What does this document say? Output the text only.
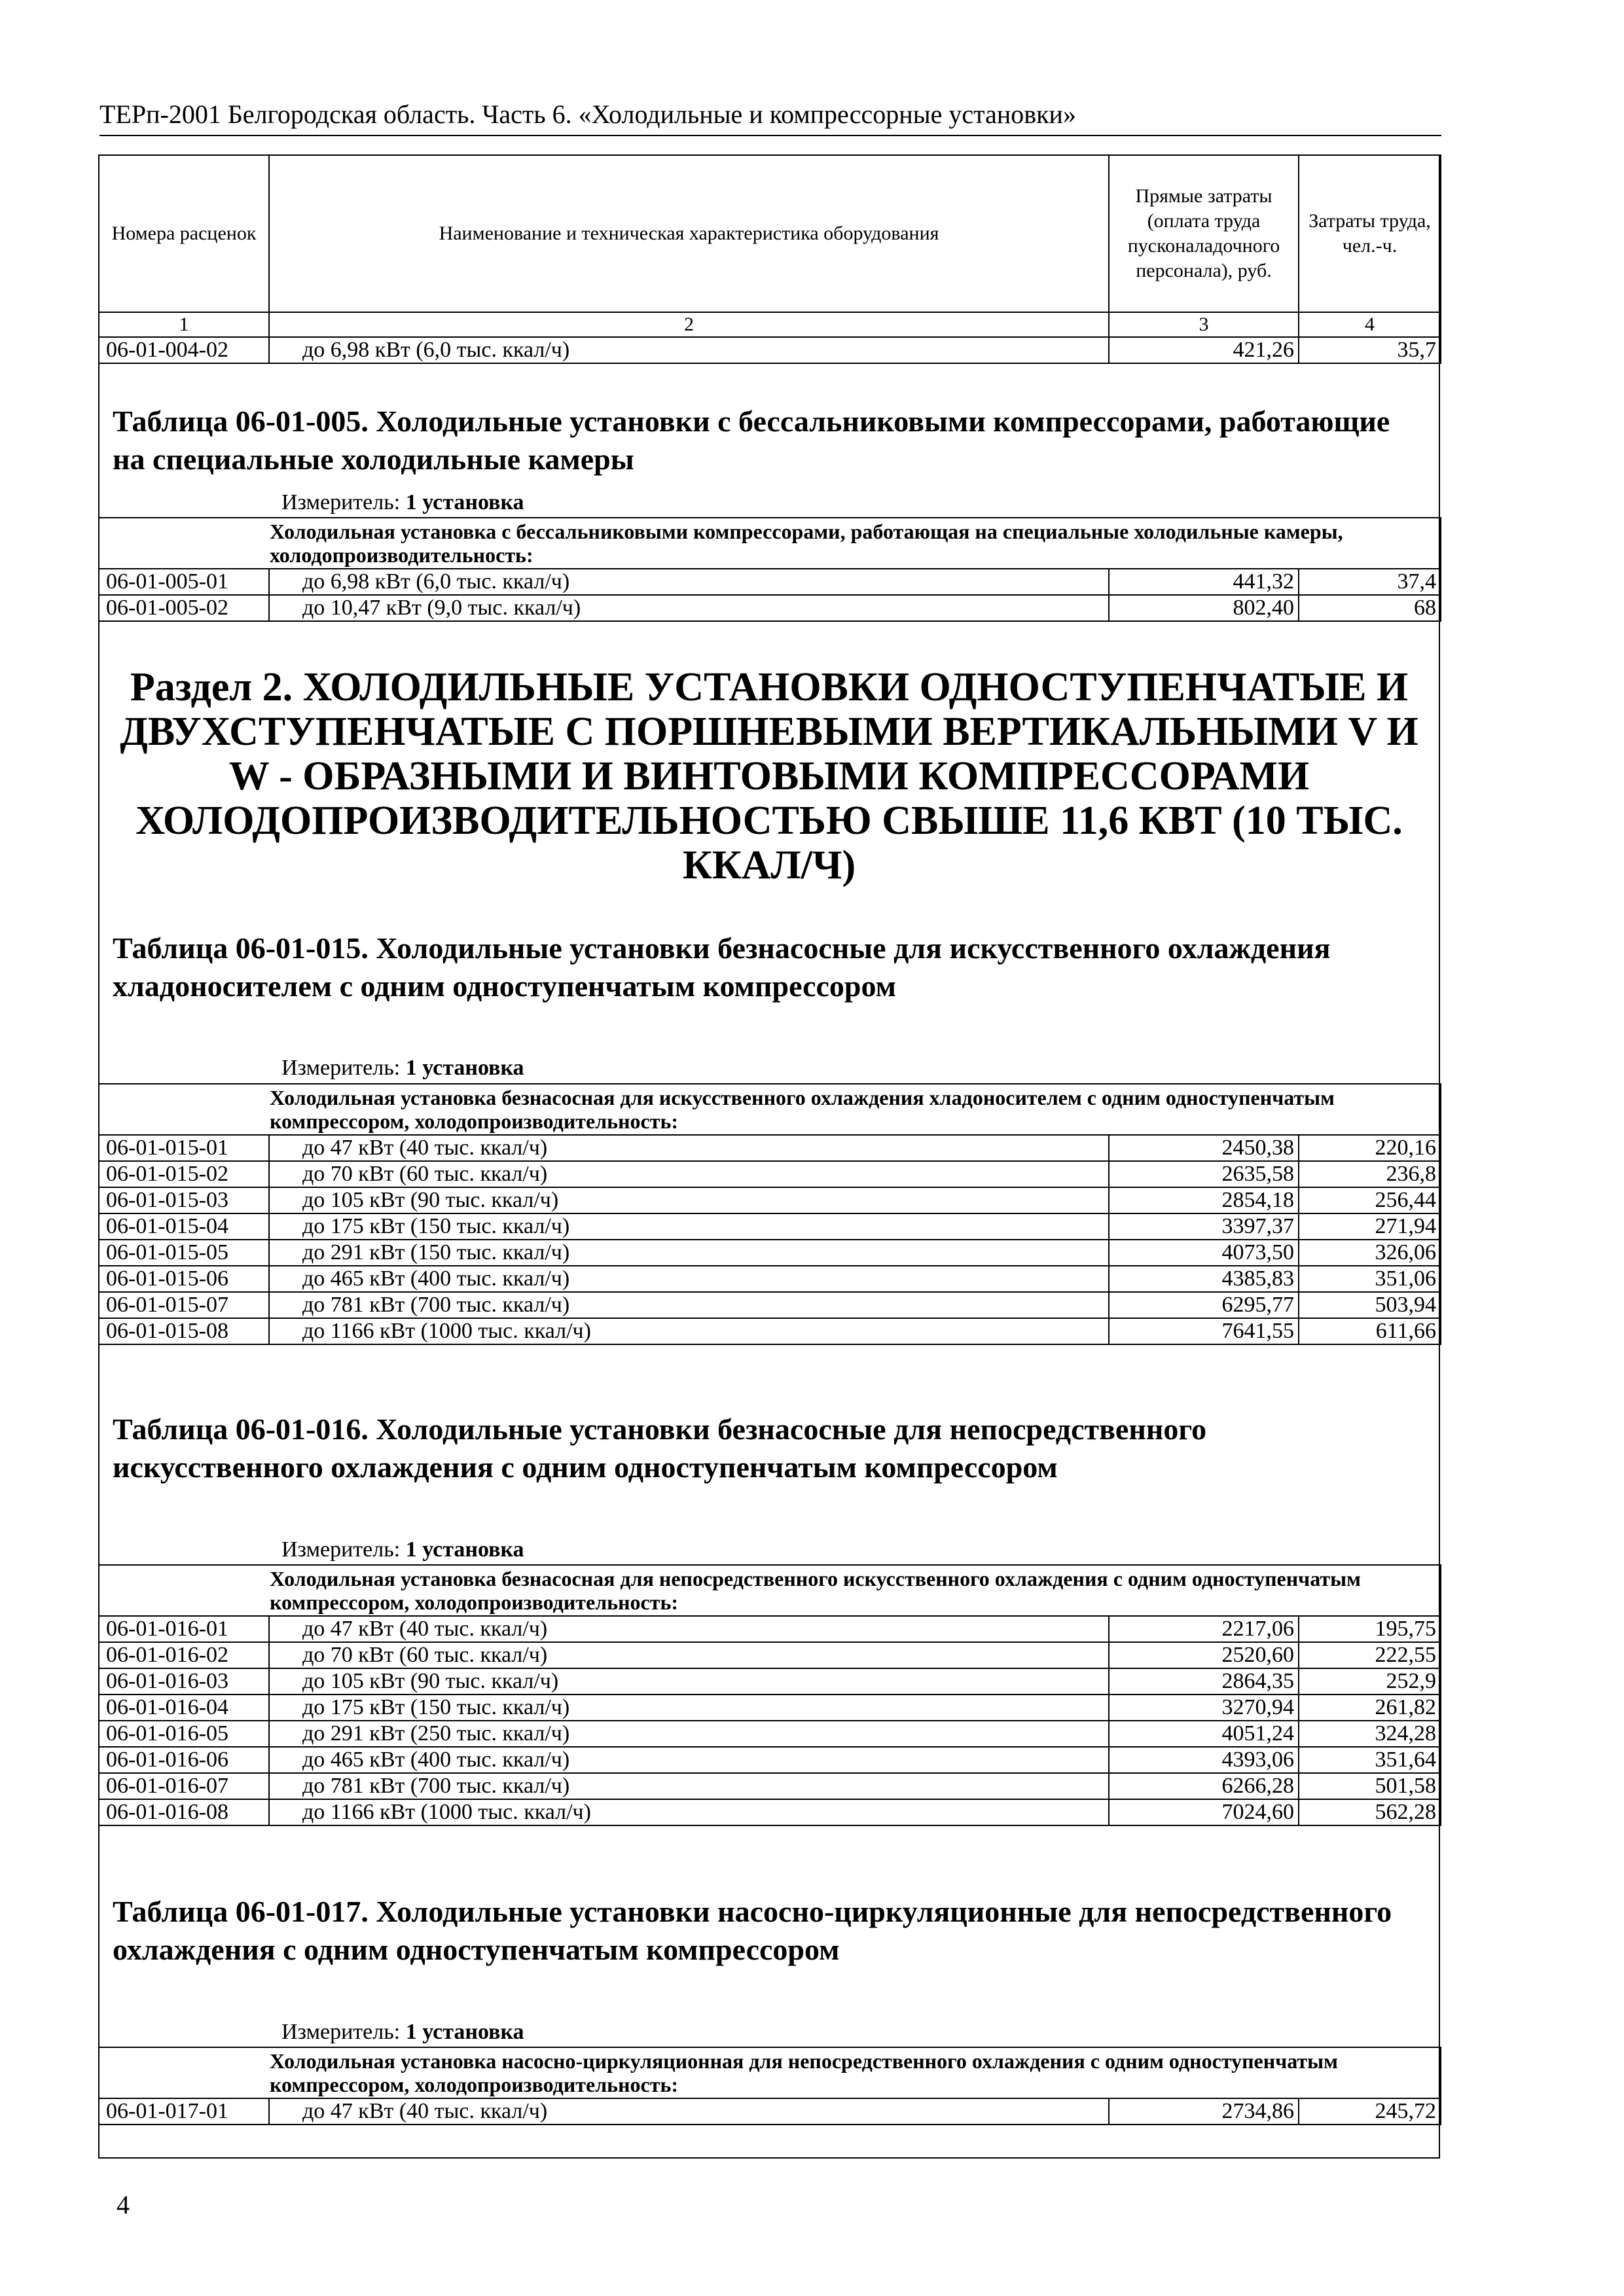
ТЕРп-2001 Белгородская область. Часть 6. «Холодильные и компрессорные установки»
Номера расценок	Наименование и техническая характеристика оборудования	Прямые затраты (оплата труда пусконаладочного персонала), руб.	Затраты труда, чел.-ч.
1	2	3	4
06-01-004-02	до 6,98 кВт (6,0 тыс. ккал/ч)	421,26	35,7
Таблица 06-01-005. Холодильные установки с бессальниковыми компрессорами, работающие на специальные холодильные камеры
Измеритель: 1 установка
Холодильная установка с бессальниковыми компрессорами, работающая на специальные холодильные камеры, холодопроизводительность:			
06-01-005-01	до 6,98 кВт (6,0 тыс. ккал/ч)	441,32	37,4
06-01-005-02	до 10,47 кВт (9,0 тыс. ккал/ч)	802,40	68
Раздел 2. ХОЛОДИЛЬНЫЕ УСТАНОВКИ ОДНОСТУПЕНЧАТЫЕ И ДВУХСТУПЕНЧАТЫЕ С ПОРШНЕВЫМИ ВЕРТИКАЛЬНЫМИ V И W - ОБРАЗНЫМИ И ВИНТОВЫМИ КОМПРЕССОРАМИ ХОЛОДОПРОИЗВОДИТЕЛЬНОСТЬЮ СВЫШЕ 11,6 КВТ (10 ТЫС. ККАЛ/Ч)
Таблица 06-01-015. Холодильные установки безнасосные для искусственного охлаждения хладоносителем с одним одноступенчатым компрессором
Измеритель: 1 установка
Холодильная установка безнасосная для искусственного охлаждения хладоносителем с одним одноступенчатым компрессором, холодопроизводительность:			
06-01-015-01	до 47 кВт (40 тыс. ккал/ч)	2450,38	220,16
06-01-015-02	до 70 кВт (60 тыс. ккал/ч)	2635,58	236,8
06-01-015-03	до 105 кВт (90 тыс. ккал/ч)	2854,18	256,44
06-01-015-04	до 175 кВт (150 тыс. ккал/ч)	3397,37	271,94
06-01-015-05	до 291 кВт (150 тыс. ккал/ч)	4073,50	326,06
06-01-015-06	до 465 кВт (400 тыс. ккал/ч)	4385,83	351,06
06-01-015-07	до 781 кВт (700 тыс. ккал/ч)	6295,77	503,94
06-01-015-08	до 1166 кВт (1000 тыс. ккал/ч)	7641,55	611,66
Таблица 06-01-016. Холодильные установки безнасосные для непосредственного искусственного охлаждения с одним одноступенчатым компрессором
Измеритель: 1 установка
Холодильная установка безнасосная для непосредственного искусственного охлаждения с одним одноступенчатым компрессором, холодопроизводительность:			
06-01-016-01	до 47 кВт (40 тыс. ккал/ч)	2217,06	195,75
06-01-016-02	до 70 кВт (60 тыс. ккал/ч)	2520,60	222,55
06-01-016-03	до 105 кВт (90 тыс. ккал/ч)	2864,35	252,9
06-01-016-04	до 175 кВт (150 тыс. ккал/ч)	3270,94	261,82
06-01-016-05	до 291 кВт (250 тыс. ккал/ч)	4051,24	324,28
06-01-016-06	до 465 кВт (400 тыс. ккал/ч)	4393,06	351,64
06-01-016-07	до 781 кВт (700 тыс. ккал/ч)	6266,28	501,58
06-01-016-08	до 1166 кВт (1000 тыс. ккал/ч)	7024,60	562,28
Таблица 06-01-017. Холодильные установки насосно-циркуляционные для непосредственного охлаждения с одним одноступенчатым компрессором
Измеритель: 1 установка
Холодильная установка насосно-циркуляционная для непосредственного охлаждения с одним одноступенчатым компрессором, холодопроизводительность:
06-01-017-01	до 47 кВт (40 тыс. ккал/ч)	2734,86	245,72
4
